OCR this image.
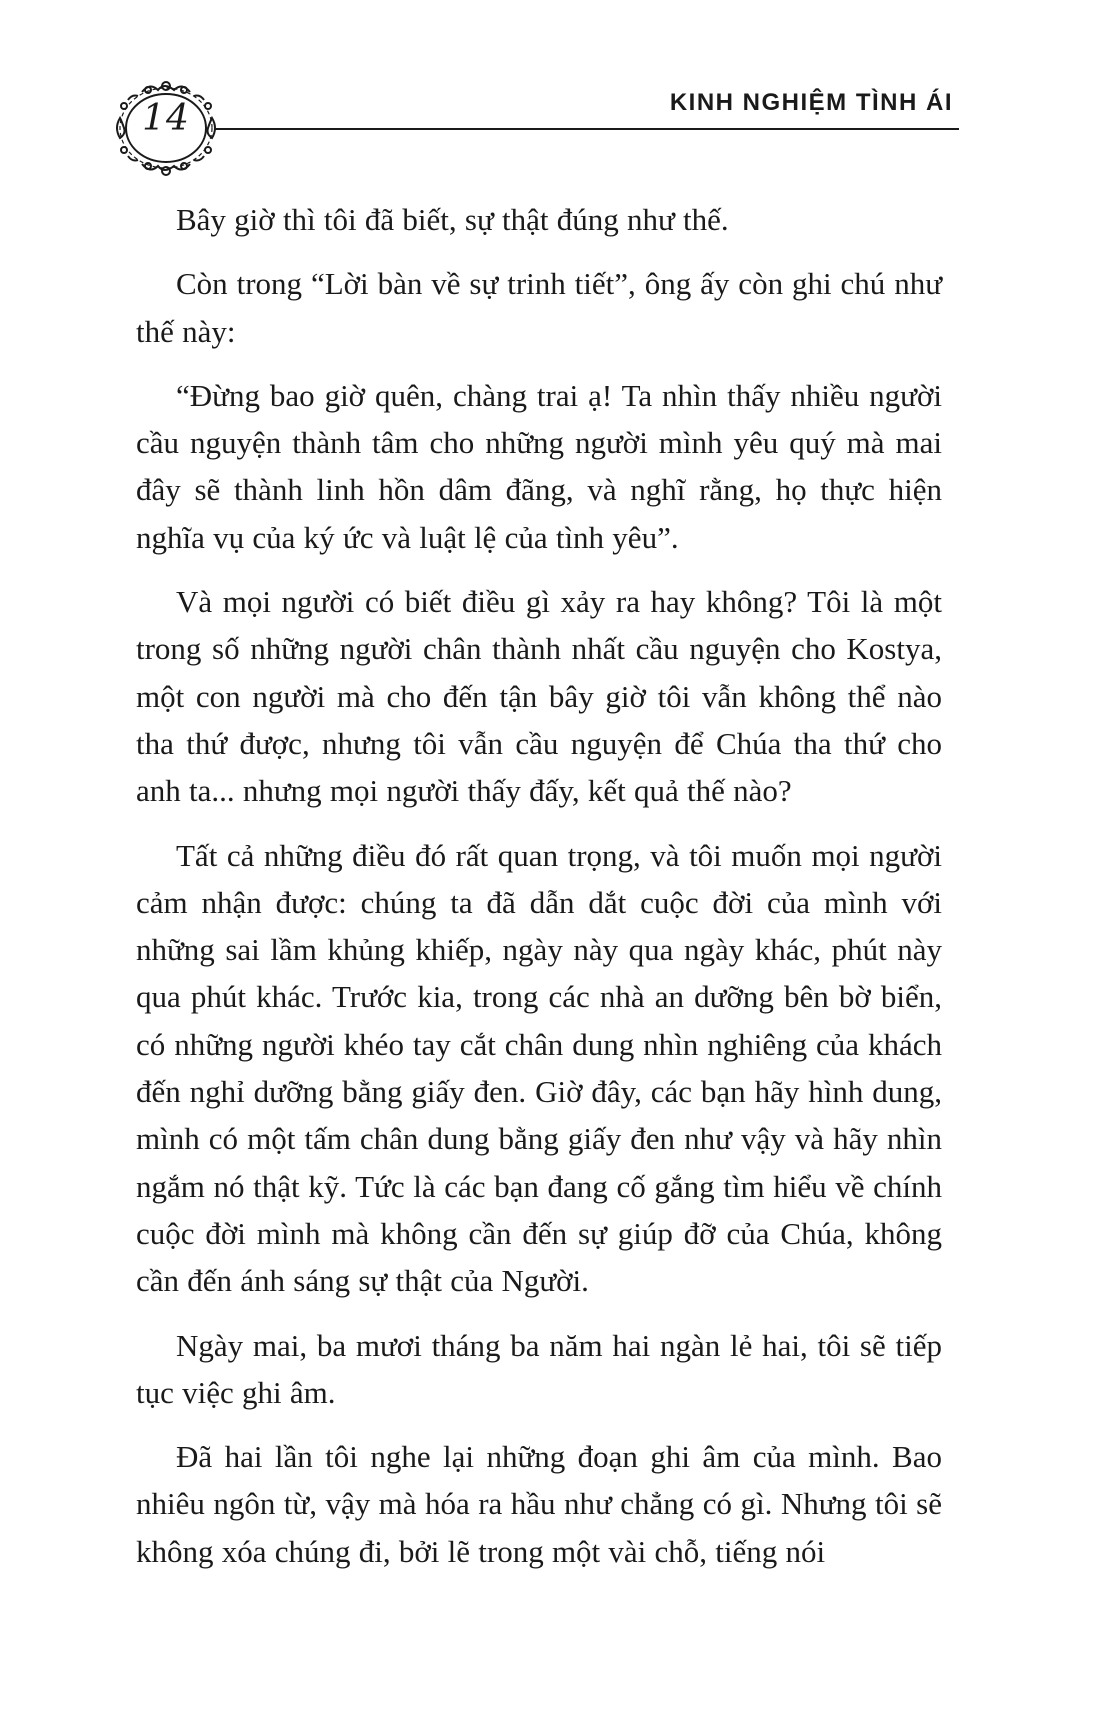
14	KINH NGHIỆM TÌNH ÁI

Bây giờ thì tôi đã biết, sự thật đúng như thế.

Còn trong “Lời bàn về sự trinh tiết”, ông ấy còn ghi chú như thế này:

“Đừng bao giờ quên, chàng trai ạ! Ta nhìn thấy nhiều người cầu nguyện thành tâm cho những người mình yêu quý mà mai đây sẽ thành linh hồn dâm đãng, và nghĩ rằng, họ thực hiện nghĩa vụ của ký ức và luật lệ của tình yêu”.

Và mọi người có biết điều gì xảy ra hay không? Tôi là một trong số những người chân thành nhất cầu nguyện cho Kostya, một con người mà cho đến tận bây giờ tôi vẫn không thể nào tha thứ được, nhưng tôi vẫn cầu nguyện để Chúa tha thứ cho anh ta... nhưng mọi người thấy đấy, kết quả thế nào?

Tất cả những điều đó rất quan trọng, và tôi muốn mọi người cảm nhận được: chúng ta đã dẫn dắt cuộc đời của mình với những sai lầm khủng khiếp, ngày này qua ngày khác, phút này qua phút khác. Trước kia, trong các nhà an dưỡng bên bờ biển, có những người khéo tay cắt chân dung nhìn nghiêng của khách đến nghỉ dưỡng bằng giấy đen. Giờ đây, các bạn hãy hình dung, mình có một tấm chân dung bằng giấy đen như vậy và hãy nhìn ngắm nó thật kỹ. Tức là các bạn đang cố gắng tìm hiểu về chính cuộc đời mình mà không cần đến sự giúp đỡ của Chúa, không cần đến ánh sáng sự thật của Người.

Ngày mai, ba mươi tháng ba năm hai ngàn lẻ hai, tôi sẽ tiếp tục việc ghi âm.

Đã hai lần tôi nghe lại những đoạn ghi âm của mình. Bao nhiêu ngôn từ, vậy mà hóa ra hầu như chẳng có gì. Nhưng tôi sẽ không xóa chúng đi, bởi lẽ trong một vài chỗ, tiếng nói
